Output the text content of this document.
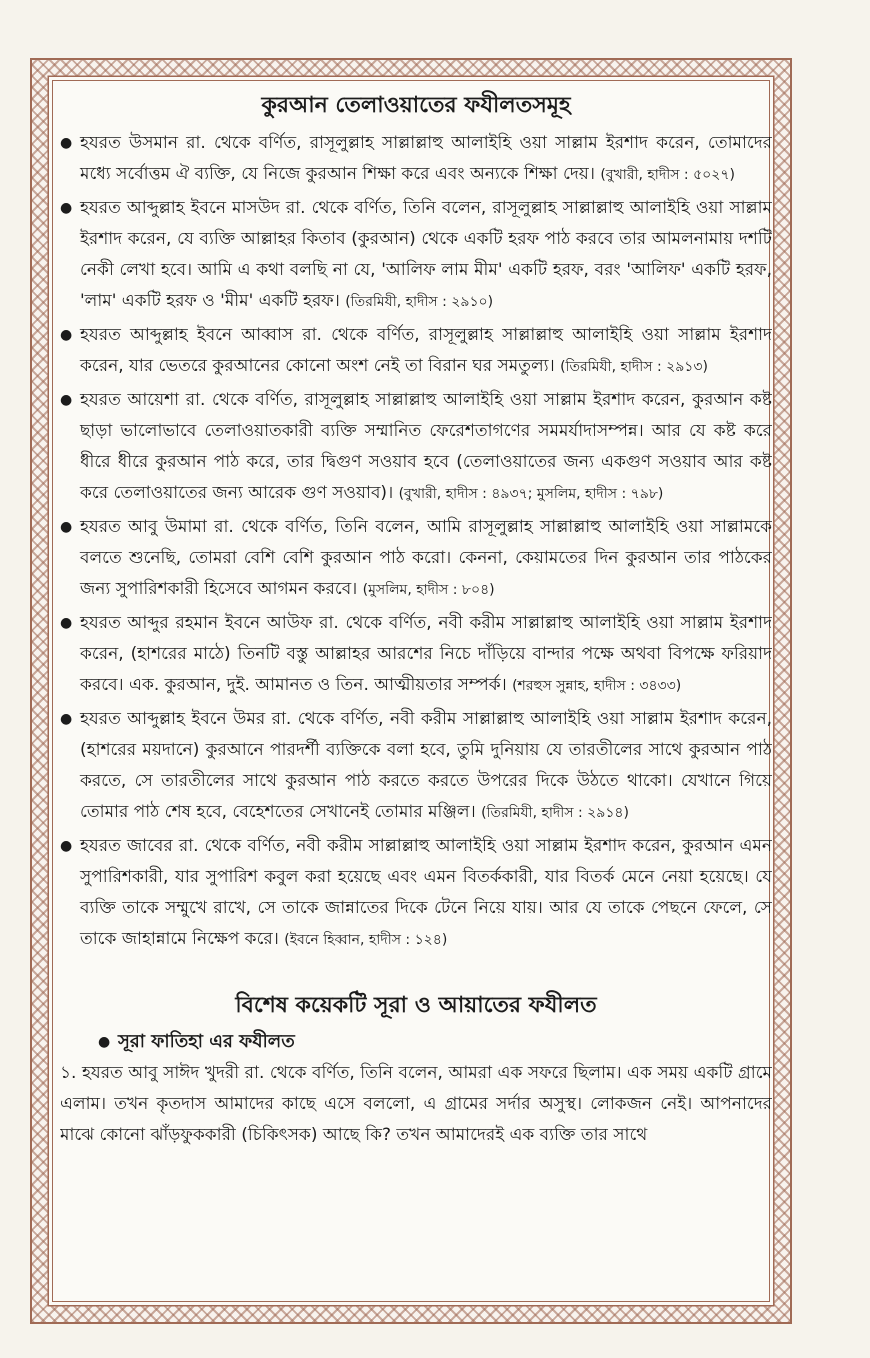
কুরআন তেলাওয়াতের ফযীলতসমূহ
● হযরত উসমান রা. থেকে বর্ণিত, রাসূলুল্লাহ সাল্লাল্লাহু আলাইহি ওয়া সাল্লাম ইরশাদ করেন, তোমাদের মধ্যে সর্বোত্তম ঐ ব্যক্তি, যে নিজে কুরআন শিক্ষা করে এবং অন্যকে শিক্ষা দেয়। (বুখারী, হাদীস : ৫০২৭)
● হযরত আব্দুল্লাহ ইবনে মাসউদ রা. থেকে বর্ণিত, তিনি বলেন, রাসূলুল্লাহ সাল্লাল্লাহু আলাইহি ওয়া সাল্লাম ইরশাদ করেন, যে ব্যক্তি আল্লাহর কিতাব (কুরআন) থেকে একটি হরফ পাঠ করবে তার আমলনামায় দশটি নেকী লেখা হবে। আমি এ কথা বলছি না যে, 'আলিফ লাম মীম' একটি হরফ, বরং 'আলিফ' একটি হরফ, 'লাম' একটি হরফ ও 'মীম' একটি হরফ। (তিরমিযী, হাদীস : ২৯১০)
● হযরত আব্দুল্লাহ ইবনে আব্বাস রা. থেকে বর্ণিত, রাসূলুল্লাহ সাল্লাল্লাহু আলাইহি ওয়া সাল্লাম ইরশাদ করেন, যার ভেতরে কুরআনের কোনো অংশ নেই তা বিরান ঘর সমতুল্য। (তিরমিযী, হাদীস : ২৯১৩)
● হযরত আয়েশা রা. থেকে বর্ণিত, রাসূলুল্লাহ সাল্লাল্লাহু আলাইহি ওয়া সাল্লাম ইরশাদ করেন, কুরআন কষ্ট ছাড়া ভালোভাবে তেলাওয়াতকারী ব্যক্তি সম্মানিত ফেরেশতাগণের সমমর্যাদাসম্পন্ন। আর যে কষ্ট করে ধীরে ধীরে কুরআন পাঠ করে, তার দ্বিগুণ সওয়াব হবে (তেলাওয়াতের জন্য একগুণ সওয়াব আর কষ্ট করে তেলাওয়াতের জন্য আরেক গুণ সওয়াব)। (বুখারী, হাদীস : ৪৯৩৭; মুসলিম, হাদীস : ৭৯৮)
● হযরত আবু উমামা রা. থেকে বর্ণিত, তিনি বলেন, আমি রাসূলুল্লাহ সাল্লাল্লাহু আলাইহি ওয়া সাল্লামকে বলতে শুনেছি, তোমরা বেশি বেশি কুরআন পাঠ করো। কেননা, কেয়ামতের দিন কুরআন তার পাঠকের জন্য সুপারিশকারী হিসেবে আগমন করবে। (মুসলিম, হাদীস : ৮০৪)
● হযরত আব্দুর রহমান ইবনে আউফ রা. থেকে বর্ণিত, নবী করীম সাল্লাল্লাহু আলাইহি ওয়া সাল্লাম ইরশাদ করেন, (হাশরের মাঠে) তিনটি বস্তু আল্লাহর আরশের নিচে দাঁড়িয়ে বান্দার পক্ষে অথবা বিপক্ষে ফরিয়াদ করবে। এক. কুরআন, দুই. আমানত ও তিন. আত্মীয়তার সম্পর্ক। (শরহুস সুন্নাহ, হাদীস : ৩৪৩৩)
● হযরত আব্দুল্লাহ ইবনে উমর রা. থেকে বর্ণিত, নবী করীম সাল্লাল্লাহু আলাইহি ওয়া সাল্লাম ইরশাদ করেন, (হাশরের ময়দানে) কুরআনে পারদর্শী ব্যক্তিকে বলা হবে, তুমি দুনিয়ায় যে তারতীলের সাথে কুরআন পাঠ করতে, সে তারতীলের সাথে কুরআন পাঠ করতে করতে উপরের দিকে উঠতে থাকো। যেখানে গিয়ে তোমার পাঠ শেষ হবে, বেহেশতের সেখানেই তোমার মঞ্জিল। (তিরমিযী, হাদীস : ২৯১৪)
● হযরত জাবের রা. থেকে বর্ণিত, নবী করীম সাল্লাল্লাহু আলাইহি ওয়া সাল্লাম ইরশাদ করেন, কুরআন এমন সুপারিশকারী, যার সুপারিশ কবুল করা হয়েছে এবং এমন বিতর্ককারী, যার বিতর্ক মেনে নেয়া হয়েছে। যে ব্যক্তি তাকে সম্মুখে রাখে, সে তাকে জান্নাতের দিকে টেনে নিয়ে যায়। আর যে তাকে পেছনে ফেলে, সে তাকে জাহান্নামে নিক্ষেপ করে। (ইবনে হিব্বান, হাদীস : ১২৪)
বিশেষ কয়েকটি সূরা ও আয়াতের ফযীলত
● সূরা ফাতিহা এর ফযীলত
১. হযরত আবু সাঈদ খুদরী রা. থেকে বর্ণিত, তিনি বলেন, আমরা এক সফরে ছিলাম। এক সময় একটি গ্রামে এলাম। তখন কৃতদাস আমাদের কাছে এসে বললো, এ গ্রামের সর্দার অসুস্থ। লোকজন নেই। আপনাদের মাঝে কোনো ঝাঁড়ফুককারী (চিকিৎসক) আছে কি? তখন আমাদেরই এক ব্যক্তি তার সাথে
